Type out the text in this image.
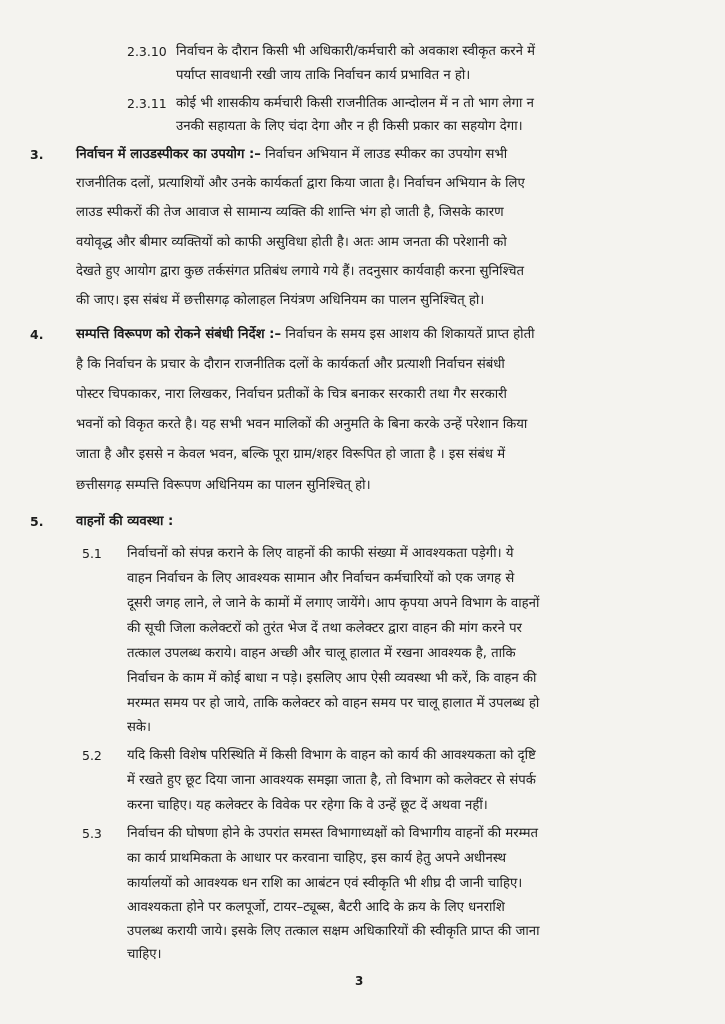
2.3.10 निर्वाचन के दौरान किसी भी अधिकारी/कर्मचारी को अवकाश स्वीकृत करने में
पर्याप्त सावधानी रखी जाय ताकि निर्वाचन कार्य प्रभावित न हो।
2.3.11 कोई भी शासकीय कर्मचारी किसी राजनीतिक आन्दोलन में न तो भाग लेगा न
उनकी सहायता के लिए चंदा देगा और न ही किसी प्रकार का सहयोग देगा।
3. निर्वाचन में लाउडस्पीकर का उपयोग :– निर्वाचन अभियान में लाउड स्पीकर का उपयोग सभी
राजनीतिक दलों, प्रत्याशियों और उनके कार्यकर्ता द्वारा किया जाता है। निर्वाचन अभियान के लिए
लाउड स्पीकरों की तेज आवाज से सामान्य व्यक्ति की शान्ति भंग हो जाती है, जिसके कारण
वयोवृद्ध और बीमार व्यक्तियों को काफी असुविधा होती है। अतः आम जनता की परेशानी को
देखते हुए आयोग द्वारा कुछ तर्कसंगत प्रतिबंध लगाये गये हैं। तदनुसार कार्यवाही करना सुनिश्चित
की जाए। इस संबंध में छत्तीसगढ़ कोलाहल नियंत्रण अधिनियम का पालन सुनिश्चित् हो।
4. सम्पत्ति विरूपण को रोकने संबंधी निर्देश :– निर्वाचन के समय इस आशय की शिकायतें प्राप्त होती
है कि निर्वाचन के प्रचार के दौरान राजनीतिक दलों के कार्यकर्ता और प्रत्याशी निर्वाचन संबंधी
पोस्टर चिपकाकर, नारा लिखकर, निर्वाचन प्रतीकों के चित्र बनाकर सरकारी तथा गैर सरकारी
भवनों को विकृत करते है। यह सभी भवन मालिकों की अनुमति के बिना करके उन्हें परेशान किया
जाता है और इससे न केवल भवन, बल्कि पूरा ग्राम/शहर विरूपित हो जाता है । इस संबंध में
छत्तीसगढ़ सम्पत्ति विरूपण अधिनियम का पालन सुनिश्चित् हो।
5. वाहनों की व्यवस्था :
5.1 निर्वाचनों को संपन्न कराने के लिए वाहनों की काफी संख्या में आवश्यकता पड़ेगी। ये
वाहन निर्वाचन के लिए आवश्यक सामान और निर्वाचन कर्मचारियों को एक जगह से
दूसरी जगह लाने, ले जाने के कामों में लगाए जायेंगे। आप कृपया अपने विभाग के वाहनों
की सूची जिला कलेक्टरों को तुरंत भेज दें तथा कलेक्टर द्वारा वाहन की मांग करने पर
तत्काल उपलब्ध कराये। वाहन अच्छी और चालू हालात में रखना आवश्यक है, ताकि
निर्वाचन के काम में कोई बाधा न पड़े। इसलिए आप ऐसी व्यवस्था भी करें, कि वाहन की
मरम्मत समय पर हो जाये, ताकि कलेक्टर को वाहन समय पर चालू हालात में उपलब्ध हो
सके।
5.2 यदि किसी विशेष परिस्थिति में किसी विभाग के वाहन को कार्य की आवश्यकता को दृष्टि
में रखते हुए छूट दिया जाना आवश्यक समझा जाता है, तो विभाग को कलेक्टर से संपर्क
करना चाहिए। यह कलेक्टर के विवेक पर रहेगा कि वे उन्हें छूट दें अथवा नहीं।
5.3 निर्वाचन की घोषणा होने के उपरांत समस्त विभागाध्यक्षों को विभागीय वाहनों की मरम्मत
का कार्य प्राथमिकता के आधार पर करवाना चाहिए, इस कार्य हेतु अपने अधीनस्थ
कार्यालयों को आवश्यक धन राशि का आबंटन एवं स्वीकृति भी शीघ्र दी जानी चाहिए।
आवश्यकता होने पर कलपूर्जो, टायर–ट्यूब्स, बैटरी आदि के क्रय के लिए धनराशि
उपलब्ध करायी जाये। इसके लिए तत्काल सक्षम अधिकारियों की स्वीकृति प्राप्त की जाना
चाहिए।
3
